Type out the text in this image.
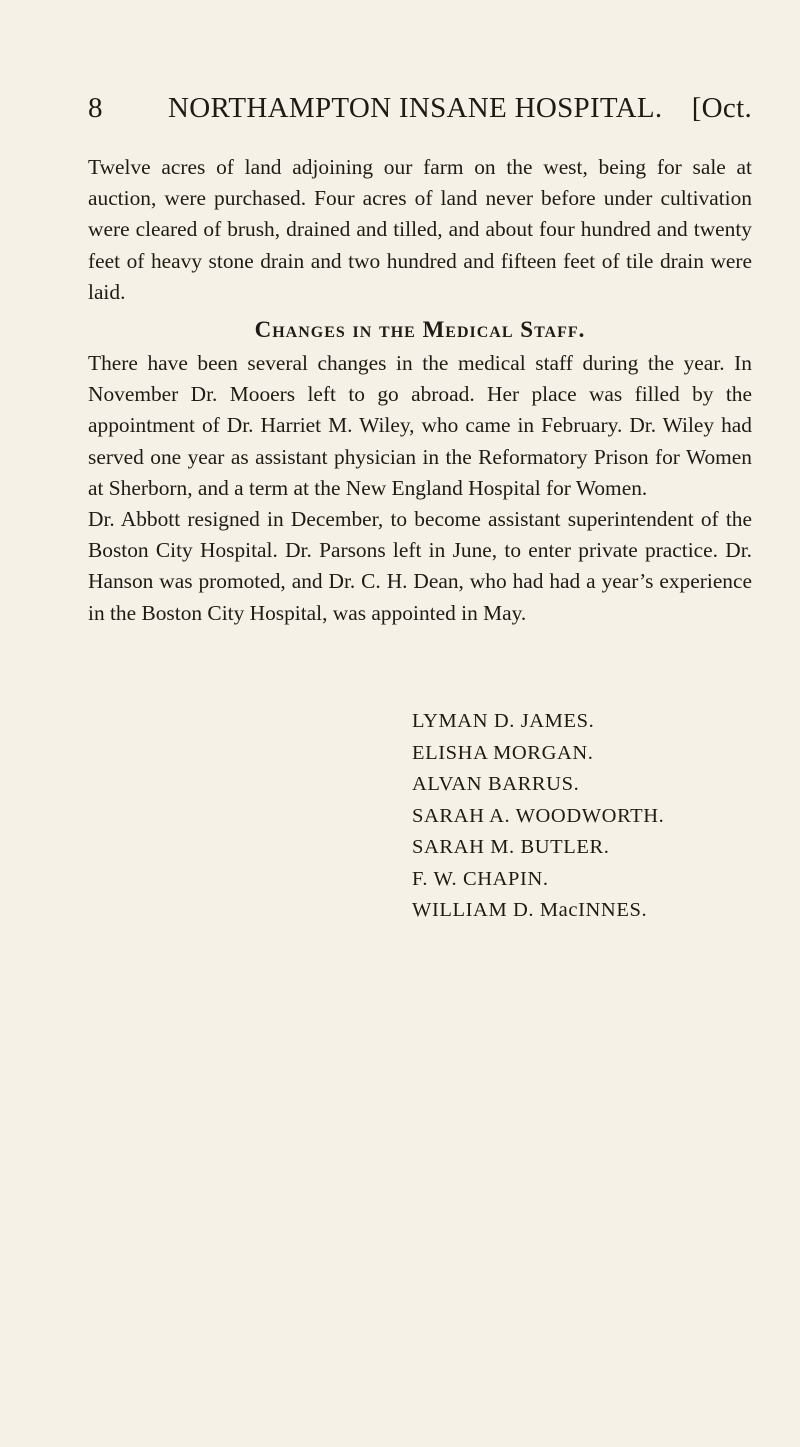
8	NORTHAMPTON INSANE HOSPITAL.	[Oct.

Twelve acres of land adjoining our farm on the west, being for sale at auction, were purchased. Four acres of land never before under cultivation were cleared of brush, drained and tilled, and about four hundred and twenty feet of heavy stone drain and two hundred and fifteen feet of tile drain were laid.

Changes in the Medical Staff.

There have been several changes in the medical staff during the year. In November Dr. Mooers left to go abroad. Her place was filled by the appointment of Dr. Harriet M. Wiley, who came in February. Dr. Wiley had served one year as assistant physician in the Reformatory Prison for Women at Sherborn, and a term at the New England Hospital for Women.

Dr. Abbott resigned in December, to become assistant superintendent of the Boston City Hospital. Dr. Parsons left in June, to enter private practice. Dr. Hanson was promoted, and Dr. C. H. Dean, who had had a year’s experience in the Boston City Hospital, was appointed in May.

LYMAN D. JAMES.
ELISHA MORGAN.
ALVAN BARRUS.
SARAH A. WOODWORTH.
SARAH M. BUTLER.
F. W. CHAPIN.
WILLIAM D. MacINNES.
